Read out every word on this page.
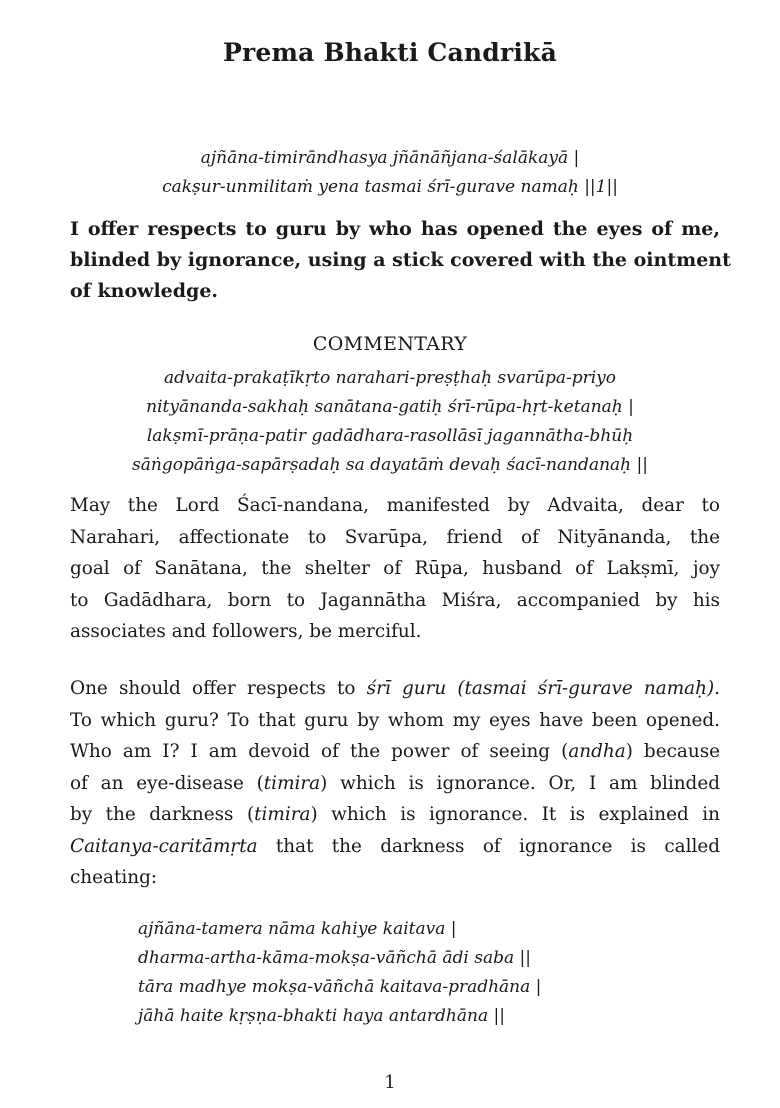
Prema Bhakti Candrikā
ajñāna-timirāndhasya jñānāñjana-śalākayā |
cakṣur-unmilitaṁ yena tasmai śrī-gurave namaḥ ||1||
I offer respects to guru by who has opened the eyes of me,
blinded by ignorance, using a stick covered with the ointment
of knowledge.
COMMENTARY
advaita-prakaṭīkṛto narahari-preṣṭhaḥ svarūpa-priyo
nityānanda-sakhaḥ sanātana-gatiḥ śrī-rūpa-hṛt-ketanaḥ |
lakṣmī-prāṇa-patir gadādhara-rasollāsī jagannātha-bhūḥ
sāṅgopāṅga-sapārṣadaḥ sa dayatāṁ devaḥ śacī-nandanaḥ ||
May the Lord Śacī-nandana, manifested by Advaita, dear to
Narahari, affectionate to Svarūpa, friend of Nityānanda, the
goal of Sanātana, the shelter of Rūpa, husband of Lakṣmī, joy
to Gadādhara, born to Jagannātha Miśra, accompanied by his
associates and followers, be merciful.
One should offer respects to śrī guru (tasmai śrī-gurave namaḥ).
To which guru? To that guru by whom my eyes have been opened.
Who am I? I am devoid of the power of seeing (andha) because
of an eye-disease (timira) which is ignorance. Or, I am blinded
by the darkness (timira) which is ignorance. It is explained in
Caitanya-caritāmṛta that the darkness of ignorance is called
cheating:
ajñāna-tamera nāma kahiye kaitava |
dharma-artha-kāma-mokṣa-vāñchā ādi saba ||
tāra madhye mokṣa-vāñchā kaitava-pradhāna |
jāhā haite kṛṣṇa-bhakti haya antardhāna ||
1
